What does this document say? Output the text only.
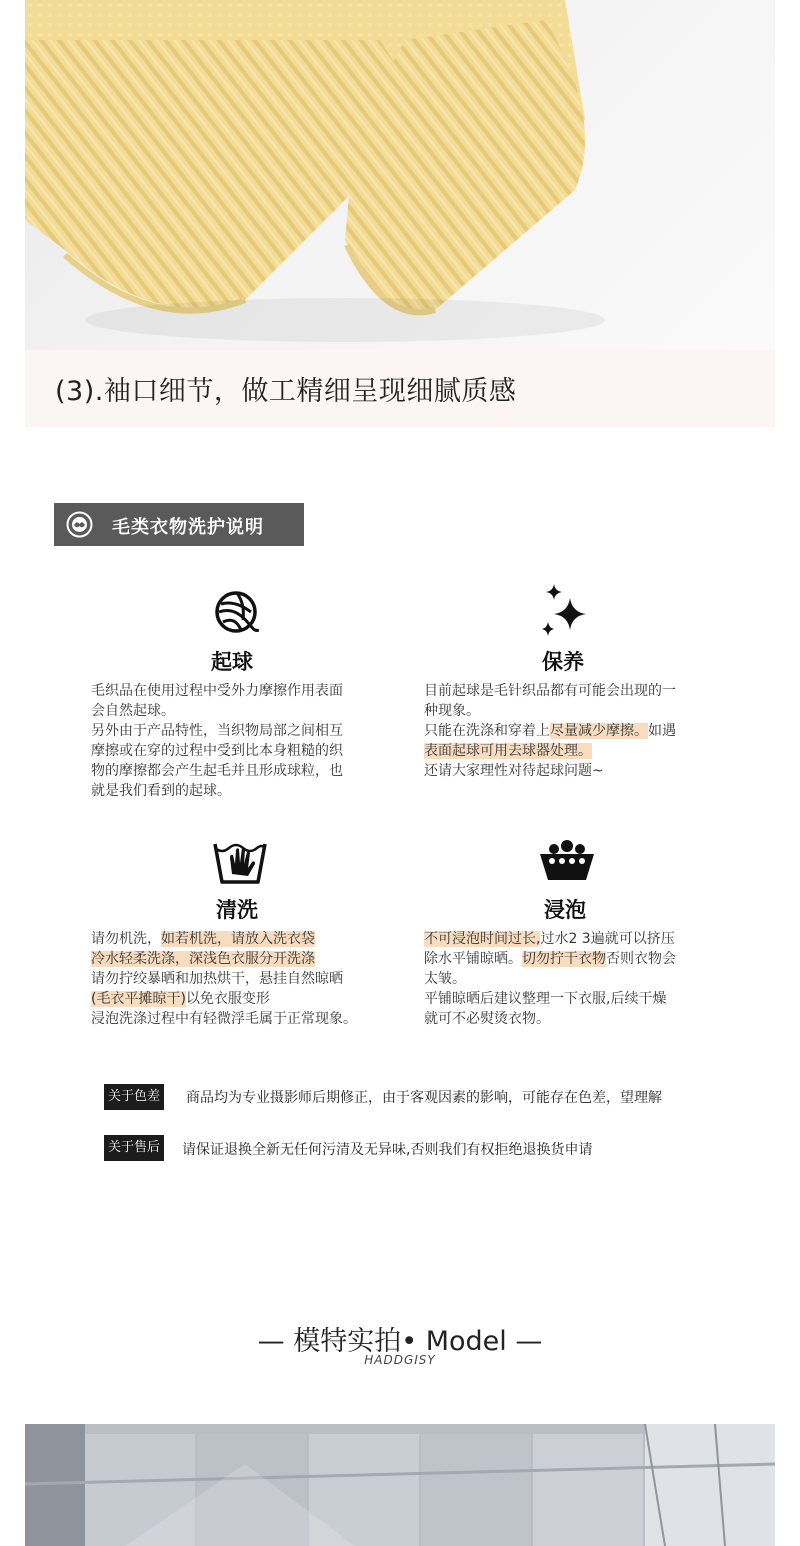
(3).袖口细节，做工精细呈现细腻质感
毛类衣物洗护说明
起球

毛织品在使用过程中受外力摩擦作用表面

会自然起球。

另外由于产品特性，当织物局部之间相互

摩擦或在穿的过程中受到比本身粗糙的织

物的摩擦都会产生起毛并且形成球粒，也

就是我们看到的起球。

保养

目前起球是毛针织品都有可能会出现的一

种现象。

只能在洗涤和穿着上尽量减少摩擦。如遇

表面起球可用去球器处理。

还请大家理性对待起球问题~

清洗

请勿机洗，如若机洗，请放入洗衣袋

冷水轻柔洗涤，深浅色衣服分开洗涤

请勿拧绞暴晒和加热烘干，悬挂自然晾晒

(毛衣平摊晾干)以免衣服变形

浸泡洗涤过程中有轻微浮毛属于正常现象。

浸泡

不可浸泡时间过长,过水2 3遍就可以挤压

除水平铺晾晒。切勿拧干衣物否则衣物会

太皱。

平铺晾晒后建议整理一下衣服,后续干燥

就可不必熨烫衣物。

关于色差 商品均为专业摄影师后期修正，由于客观因素的影响，可能存在色差，望理解
关于售后 请保证退换全新无任何污清及无异味,否则我们有权拒绝退换货申请
— 模特实拍• Model —
HADDGISY
